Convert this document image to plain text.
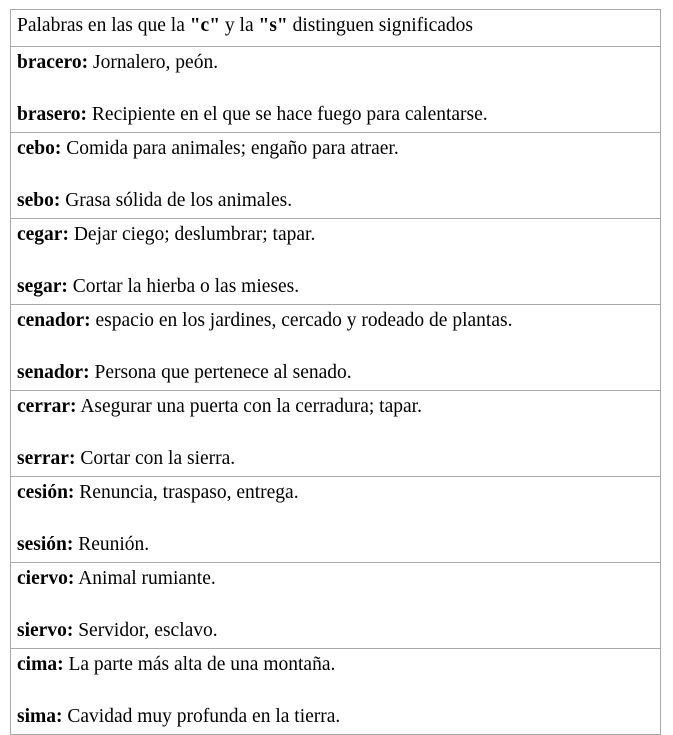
Palabras en las que la "c" y la "s" distinguen significados

bracero: Jornalero, peón.

brasero: Recipiente en el que se hace fuego para calentarse.

cebo: Comida para animales; engaño para atraer.

sebo: Grasa sólida de los animales.

cegar: Dejar ciego; deslumbrar; tapar.

segar: Cortar la hierba o las mieses.

cenador: espacio en los jardines, cercado y rodeado de plantas.

senador: Persona que pertenece al senado.

cerrar: Asegurar una puerta con la cerradura; tapar.

serrar: Cortar con la sierra.

cesión: Renuncia, traspaso, entrega.

sesión: Reunión.

ciervo: Animal rumiante.

siervo: Servidor, esclavo.

cima: La parte más alta de una montaña.

sima: Cavidad muy profunda en la tierra.
